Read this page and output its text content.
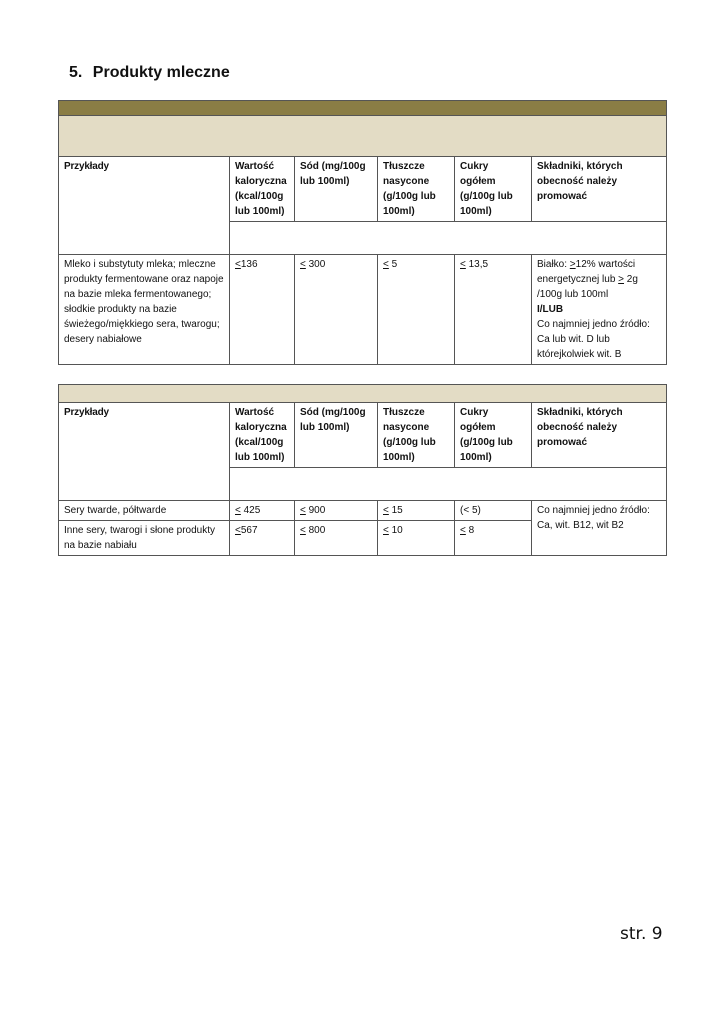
5. Produkty mleczne

Przykłady	Wartość kaloryczna (kcal/100g lub 100ml)	Sód (mg/100g lub 100ml)	Tłuszcze nasycone (g/100g lub 100ml)	Cukry ogółem (g/100g lub 100ml)	Składniki, których obecność należy promować

Mleko i substytuty mleka; mleczne produkty fermentowane oraz napoje na bazie mleka fermentowanego; słodkie produkty na bazie świeżego/miękkiego sera, twarogu; desery nabiałowe	<136	< 300	< 5	< 13,5	Białko: >12% wartości energetycznej lub > 2g /100g lub 100ml
I/LUB
Co najmniej jedno źródło: Ca lub wit. D lub którejkolwiek wit. B

Przykłady	Wartość kaloryczna (kcal/100g lub 100ml)	Sód (mg/100g lub 100ml)	Tłuszcze nasycone (g/100g lub 100ml)	Cukry ogółem (g/100g lub 100ml)	Składniki, których obecność należy promować

Sery twarde, półtwarde	< 425	< 900	< 15	(< 5)	Co najmniej jedno źródło: Ca, wit. B12, wit B2
Inne sery, twarogi i słone produkty na bazie nabiału	<567	< 800	< 10	< 8	
str. 9
